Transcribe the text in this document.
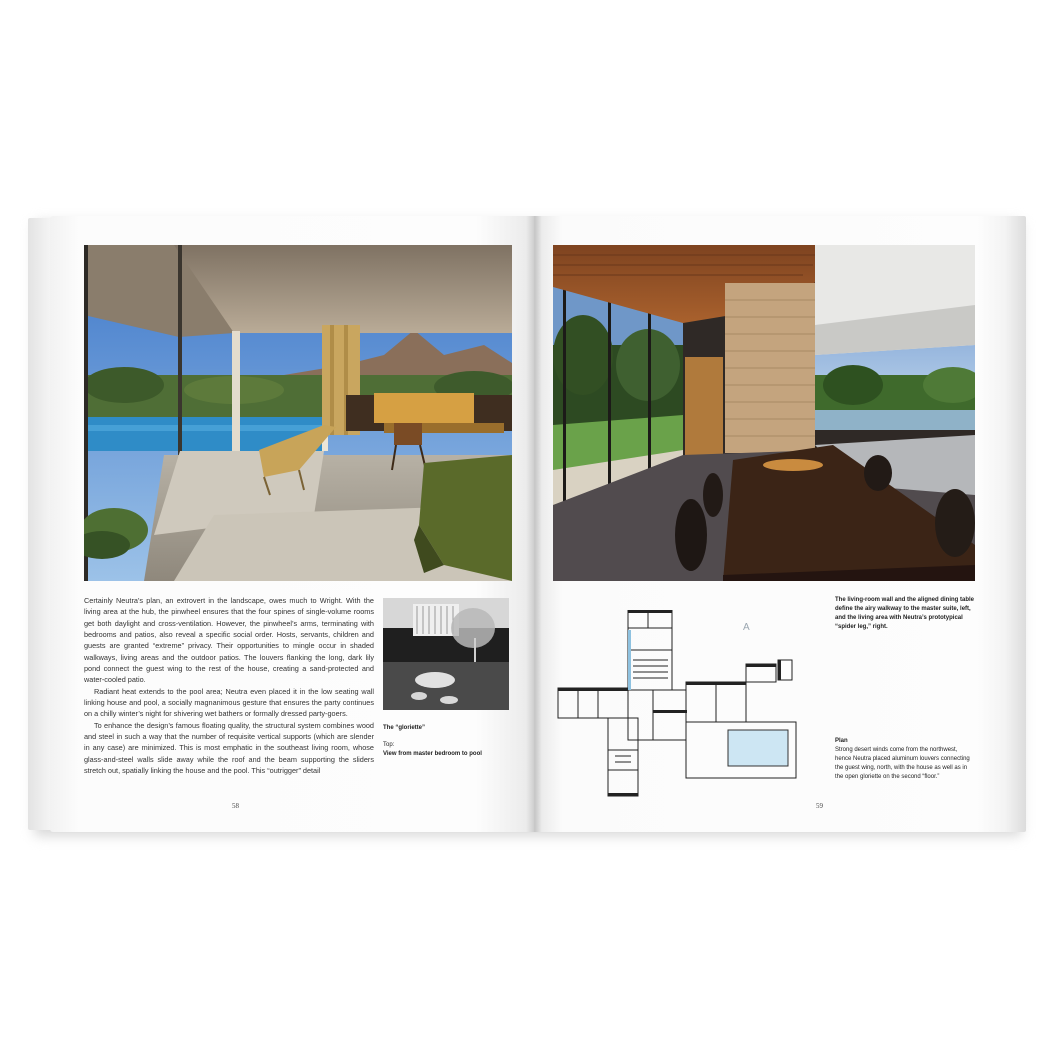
A

Certainly Neutra’s plan, an extrovert in the landscape, owes much to Wright. With the living area at the hub, the pinwheel ensures that the four spines of single-volume rooms get both daylight and cross-ventilation. However, the pinwheel’s arms, terminating with bedrooms and patios, also reveal a specific social order. Hosts, servants, children and guests are granted “extreme” privacy. Their opportunities to mingle occur in shaded walkways, living areas and the outdoor patios. The louvers flanking the long, dark lily pond connect the guest wing to the rest of the house, creating a sand-protected and water-cooled patio.

Radiant heat extends to the pool area; Neutra even placed it in the low seating wall linking house and pool, a socially magnanimous gesture that ensures the party continues on a chilly winter’s night for shivering wet bathers or formally dressed party-goers.

To enhance the design’s famous floating quality, the structural system combines wood and steel in such a way that the number of requisite vertical supports (which are slender in any case) are minimized. This is most emphatic in the southeast living room, whose glass-and-steel walls slide away while the roof and the beam supporting the sliders stretch out, spatially linking the house and the pool. This “outrigger” detail

The “gloriette”
Top:
View from master bedroom to pool
The living-room wall and the aligned dining table define the airy walkway to the master suite, left, and the living area with Neutra’s prototypical “spider leg,” right.
Plan
Strong desert winds come from the northwest, hence Neutra placed aluminum louvers connecting the guest wing, north, with the house as well as in the open gloriette on the second “floor.”
58	59
